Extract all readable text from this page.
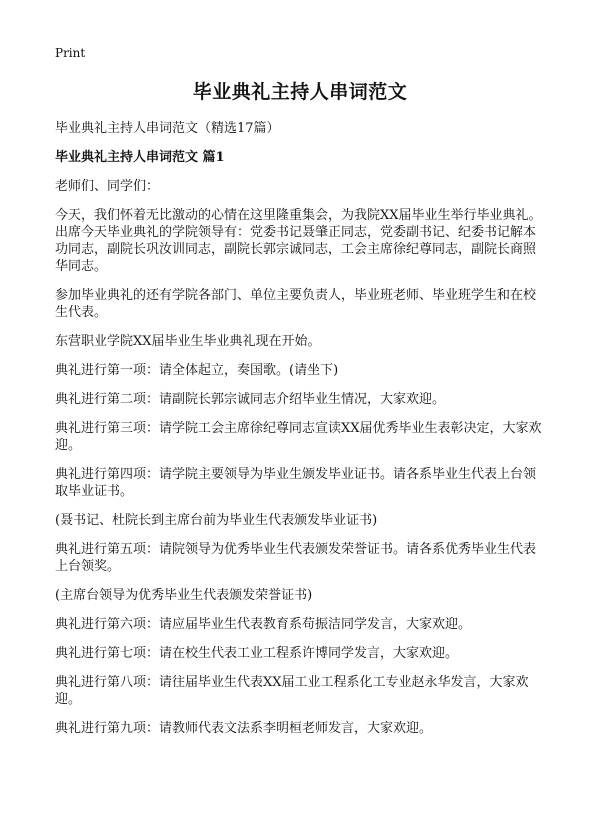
Print
毕业典礼主持人串词范文

毕业典礼主持人串词范文（精选17篇）

毕业典礼主持人串词范文 篇1

老师们、同学们：

今天，我们怀着无比激动的心情在这里隆重集会，为我院XX届毕业生举行毕业典礼。出席今天毕业典礼的学院领导有：党委书记聂肇正同志，党委副书记、纪委书记解本功同志，副院长巩汝训同志，副院长郭宗诚同志，工会主席徐纪尊同志，副院长商照华同志。

参加毕业典礼的还有学院各部门、单位主要负责人，毕业班老师、毕业班学生和在校生代表。

东营职业学院XX届毕业生毕业典礼现在开始。

典礼进行第一项：请全体起立，奏国歌。(请坐下)

典礼进行第二项：请副院长郭宗诚同志介绍毕业生情况，大家欢迎。

典礼进行第三项：请学院工会主席徐纪尊同志宣读XX届优秀毕业生表彰决定，大家欢迎。

典礼进行第四项：请学院主要领导为毕业生颁发毕业证书。请各系毕业生代表上台领取毕业证书。

(聂书记、杜院长到主席台前为毕业生代表颁发毕业证书)

典礼进行第五项：请院领导为优秀毕业生代表颁发荣誉证书。请各系优秀毕业生代表上台领奖。

(主席台领导为优秀毕业生代表颁发荣誉证书)

典礼进行第六项：请应届毕业生代表教育系苟振洁同学发言，大家欢迎。

典礼进行第七项：请在校生代表工业工程系许博同学发言，大家欢迎。

典礼进行第八项：请往届毕业生代表XX届工业工程系化工专业赵永华发言，大家欢迎。

典礼进行第九项：请教师代表文法系李明桓老师发言，大家欢迎。
